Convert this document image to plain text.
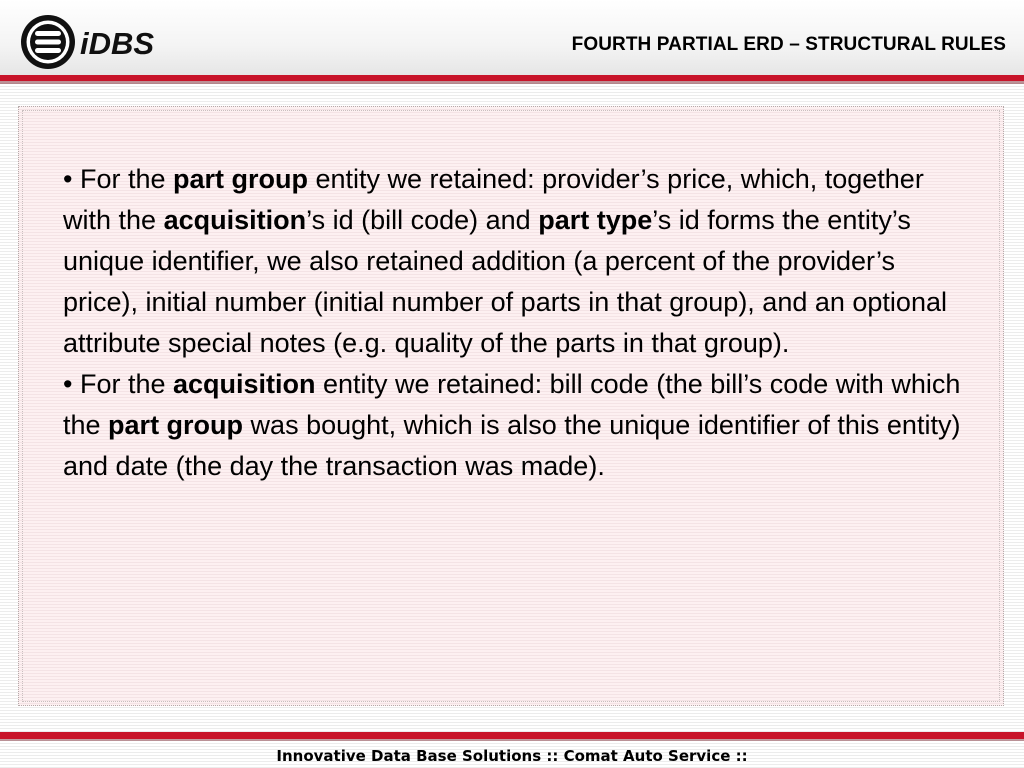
iDBS	FOURTH PARTIAL ERD – STRUCTURAL RULES

• For the part group entity we retained: provider’s price, which, together with the acquisition’s id (bill code) and part type’s id forms the entity’s unique identifier, we also retained addition (a percent of the provider’s price), initial number (initial number of parts in that group), and an optional attribute special notes (e.g. quality of the parts in that group).

• For the acquisition entity we retained: bill code (the bill’s code with which the part group was bought, which is also the unique identifier of this entity) and date (the day the transaction was made).

Innovative Data Base Solutions :: Comat Auto Service ::
